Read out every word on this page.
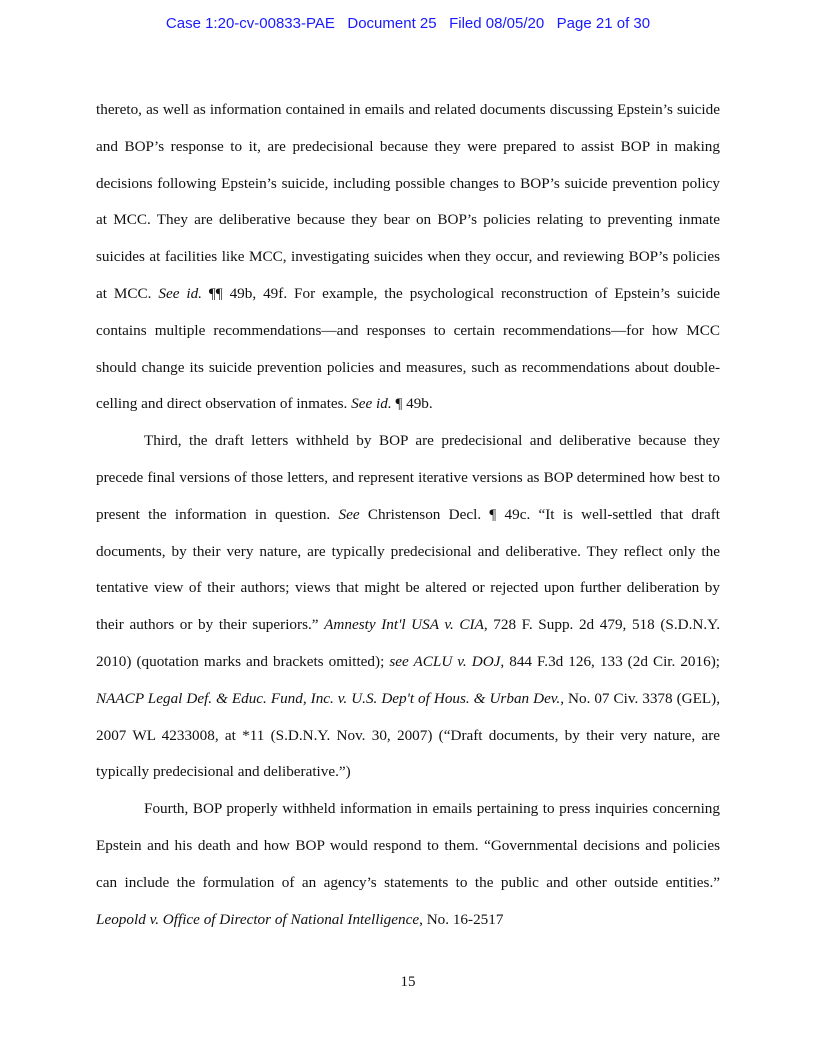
Case 1:20-cv-00833-PAE   Document 25   Filed 08/05/20   Page 21 of 30

thereto, as well as information contained in emails and related documents discussing Epstein’s suicide and BOP’s response to it, are predecisional because they were prepared to assist BOP in making decisions following Epstein’s suicide, including possible changes to BOP’s suicide prevention policy at MCC. They are deliberative because they bear on BOP’s policies relating to preventing inmate suicides at facilities like MCC, investigating suicides when they occur, and reviewing BOP’s policies at MCC. See id. ¶¶ 49b, 49f. For example, the psychological reconstruction of Epstein’s suicide contains multiple recommendations—and responses to certain recommendations—for how MCC should change its suicide prevention policies and measures, such as recommendations about double-celling and direct observation of inmates. See id. ¶ 49b.

Third, the draft letters withheld by BOP are predecisional and deliberative because they precede final versions of those letters, and represent iterative versions as BOP determined how best to present the information in question. See Christenson Decl. ¶ 49c. “It is well-settled that draft documents, by their very nature, are typically predecisional and deliberative. They reflect only the tentative view of their authors; views that might be altered or rejected upon further deliberation by their authors or by their superiors.” Amnesty Int'l USA v. CIA, 728 F. Supp. 2d 479, 518 (S.D.N.Y. 2010) (quotation marks and brackets omitted); see ACLU v. DOJ, 844 F.3d 126, 133 (2d Cir. 2016); NAACP Legal Def. & Educ. Fund, Inc. v. U.S. Dep't of Hous. & Urban Dev., No. 07 Civ. 3378 (GEL), 2007 WL 4233008, at *11 (S.D.N.Y. Nov. 30, 2007) (“Draft documents, by their very nature, are typically predecisional and deliberative.”)

Fourth, BOP properly withheld information in emails pertaining to press inquiries concerning Epstein and his death and how BOP would respond to them. “Governmental decisions and policies can include the formulation of an agency’s statements to the public and other outside entities.” Leopold v. Office of Director of National Intelligence, No. 16-2517

15
